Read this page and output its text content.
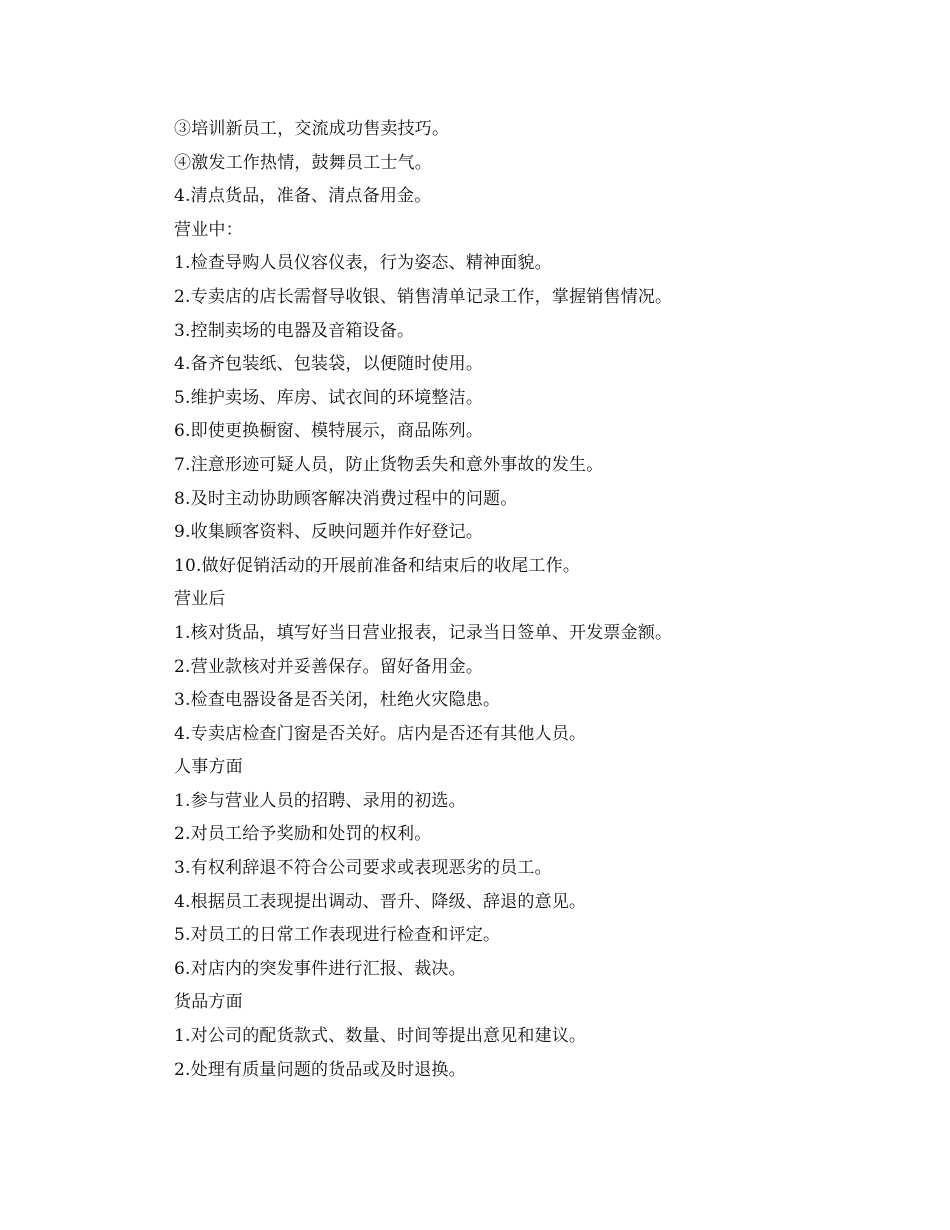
③培训新员工，交流成功售卖技巧。
④激发工作热情，鼓舞员工士气。
4.清点货品，准备、清点备用金。
营业中：
1.检查导购人员仪容仪表，行为姿态、精神面貌。
2.专卖店的店长需督导收银、销售清单记录工作，掌握销售情况。
3.控制卖场的电器及音箱设备。
4.备齐包装纸、包装袋，以便随时使用。
5.维护卖场、库房、试衣间的环境整洁。
6.即使更换橱窗、模特展示，商品陈列。
7.注意形迹可疑人员，防止货物丢失和意外事故的发生。
8.及时主动协助顾客解决消费过程中的问题。
9.收集顾客资料、反映问题并作好登记。
10.做好促销活动的开展前准备和结束后的收尾工作。
营业后
1.核对货品，填写好当日营业报表，记录当日签单、开发票金额。
2.营业款核对并妥善保存。留好备用金。
3.检查电器设备是否关闭，杜绝火灾隐患。
4.专卖店检查门窗是否关好。店内是否还有其他人员。
人事方面
1.参与营业人员的招聘、录用的初选。
2.对员工给予奖励和处罚的权利。
3.有权利辞退不符合公司要求或表现恶劣的员工。
4.根据员工表现提出调动、晋升、降级、辞退的意见。
5.对员工的日常工作表现进行检查和评定。
6.对店内的突发事件进行汇报、裁决。
货品方面
1.对公司的配货款式、数量、时间等提出意见和建议。
2.处理有质量问题的货品或及时退换。
